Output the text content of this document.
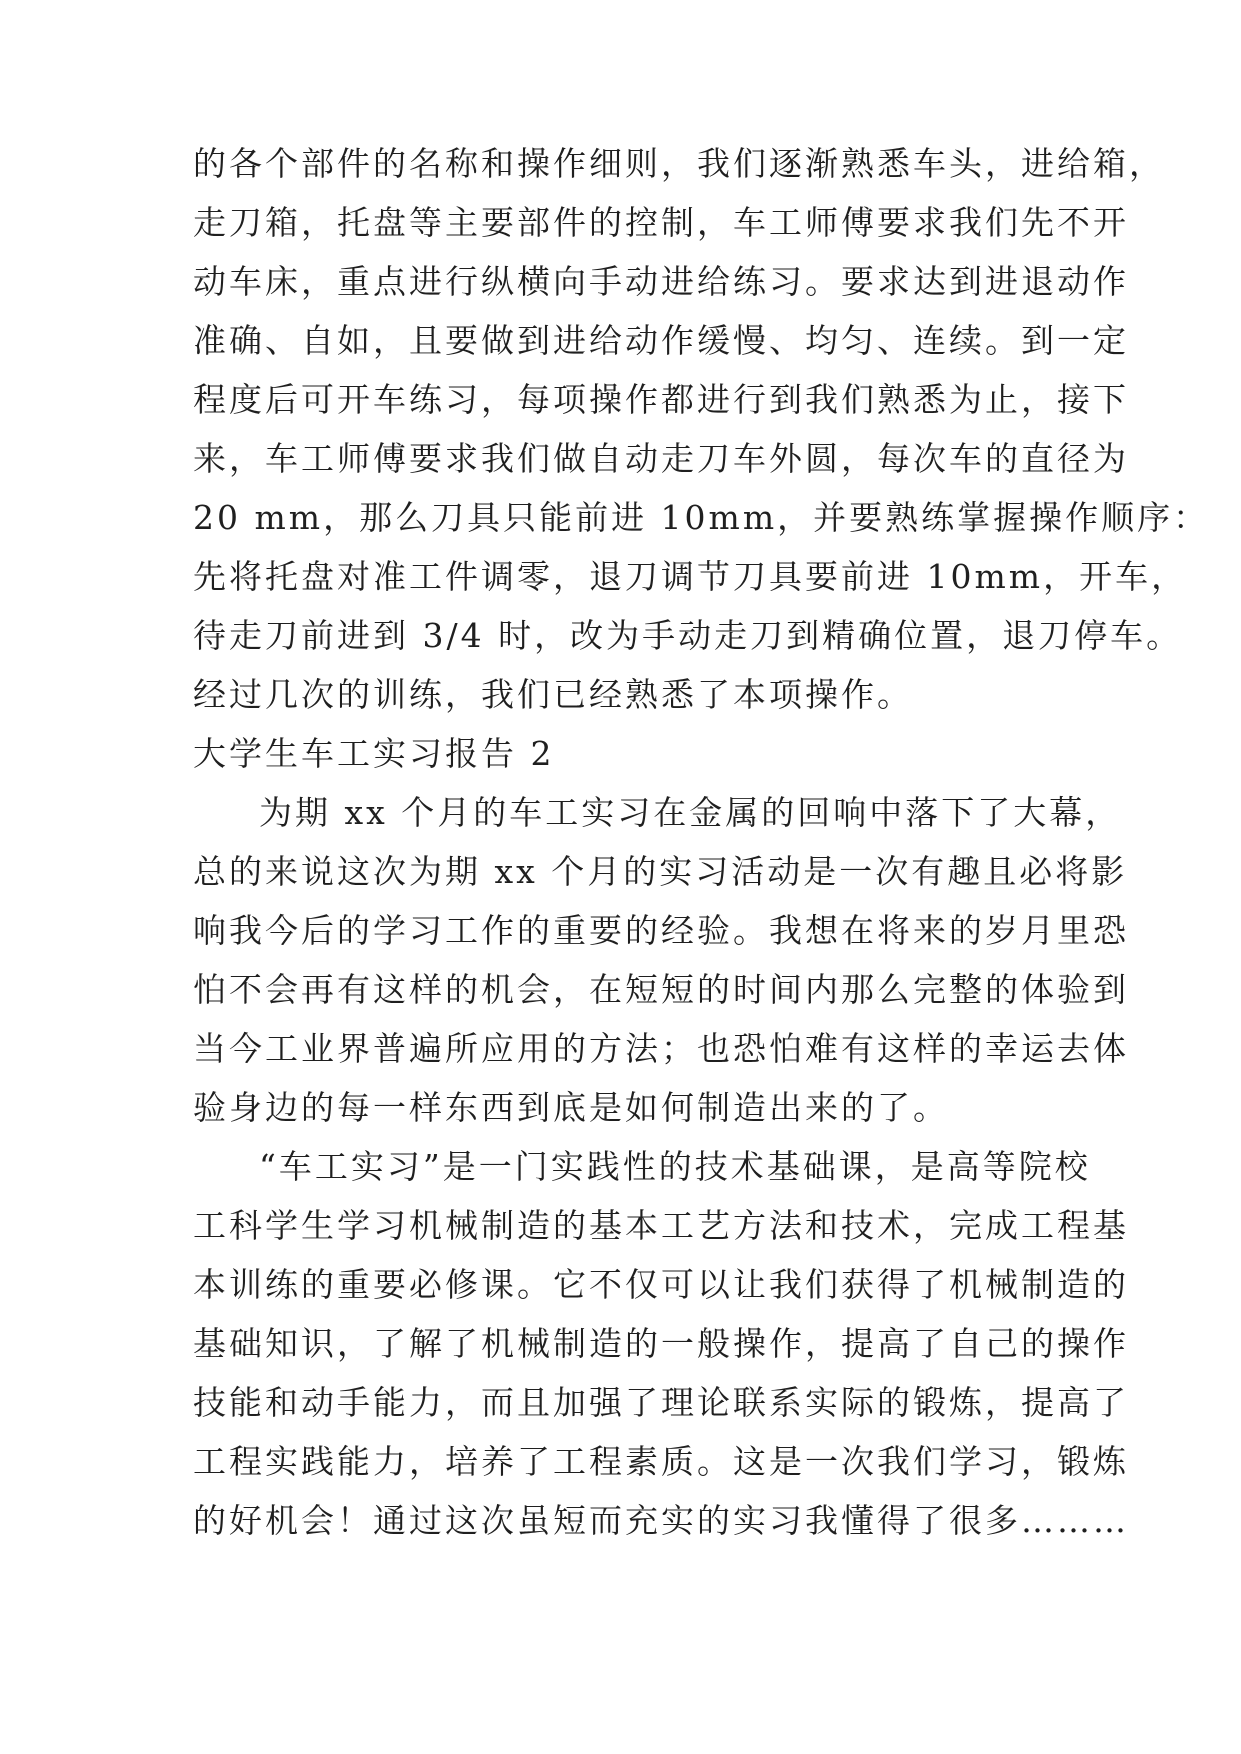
的各个部件的名称和操作细则，我们逐渐熟悉车头，进给箱，
走刀箱，托盘等主要部件的控制，车工师傅要求我们先不开
动车床，重点进行纵横向手动进给练习。要求达到进退动作
准确、自如，且要做到进给动作缓慢、均匀、连续。到一定
程度后可开车练习，每项操作都进行到我们熟悉为止，接下
来，车工师傅要求我们做自动走刀车外圆，每次车的直径为
20 mm，那么刀具只能前进 10mm，并要熟练掌握操作顺序：
先将托盘对准工件调零，退刀调节刀具要前进 10mm，开车，
待走刀前进到 3/4 时，改为手动走刀到精确位置，退刀停车。
经过几次的训练，我们已经熟悉了本项操作。
大学生车工实习报告 2
为期 xx 个月的车工实习在金属的回响中落下了大幕，
总的来说这次为期 xx 个月的实习活动是一次有趣且必将影
响我今后的学习工作的重要的经验。我想在将来的岁月里恐
怕不会再有这样的机会，在短短的时间内那么完整的体验到
当今工业界普遍所应用的方法；也恐怕难有这样的幸运去体
验身边的每一样东西到底是如何制造出来的了。
“车工实习”是一门实践性的技术基础课，是高等院校
工科学生学习机械制造的基本工艺方法和技术，完成工程基
本训练的重要必修课。它不仅可以让我们获得了机械制造的
基础知识，了解了机械制造的一般操作，提高了自己的操作
技能和动手能力，而且加强了理论联系实际的锻炼，提高了
工程实践能力，培养了工程素质。这是一次我们学习，锻炼
的好机会！通过这次虽短而充实的实习我懂得了很多………
